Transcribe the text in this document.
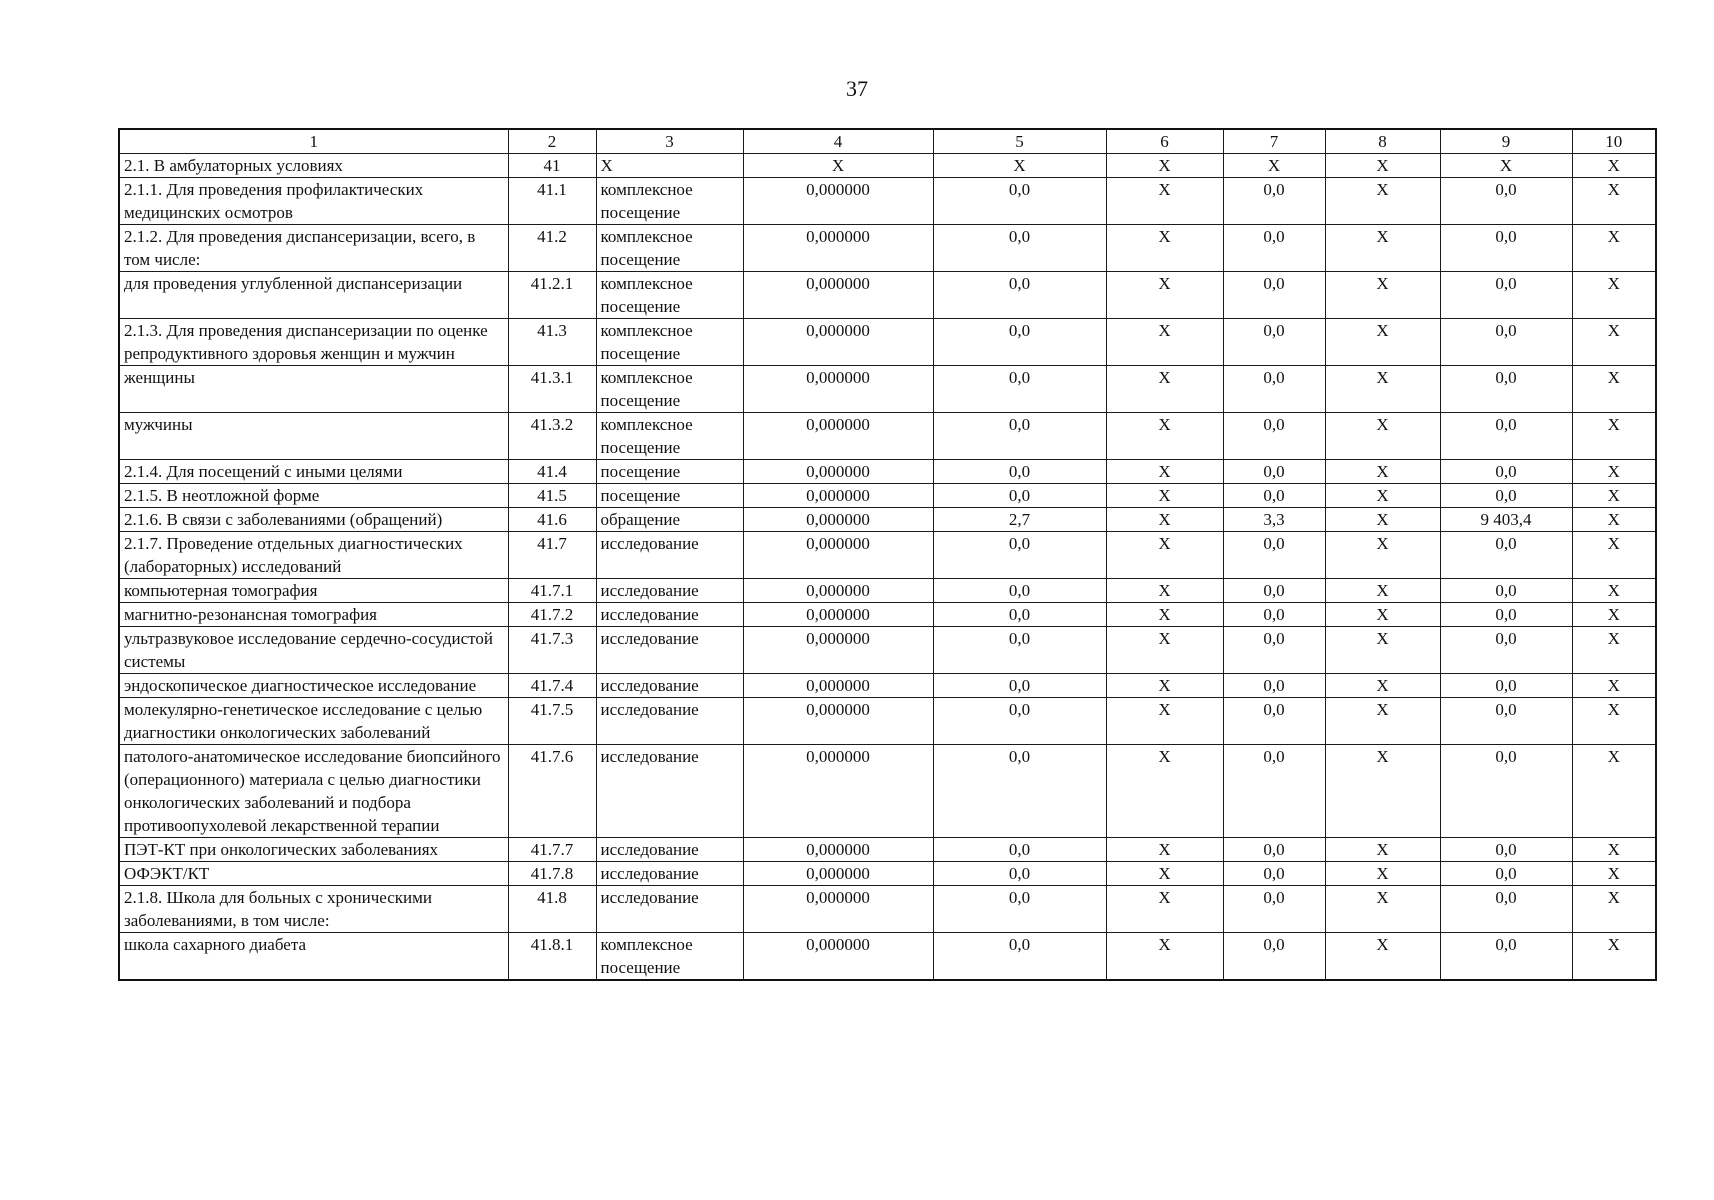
37
1	2	3	4	5	6	7	8	9	10
2.1. В амбулаторных условиях	41	X	X	X	X	X	X	X	X
2.1.1. Для проведения профилактических медицинских осмотров	41.1	комплексное посещение	0,000000	0,0	X	0,0	X	0,0	X
2.1.2. Для проведения диспансеризации, всего, в том числе:	41.2	комплексное посещение	0,000000	0,0	X	0,0	X	0,0	X
для проведения углубленной диспансеризации	41.2.1	комплексное посещение	0,000000	0,0	X	0,0	X	0,0	X
2.1.3. Для проведения диспансеризации по оценке репродуктивного здоровья женщин и мужчин	41.3	комплексное посещение	0,000000	0,0	X	0,0	X	0,0	X
женщины	41.3.1	комплексное посещение	0,000000	0,0	X	0,0	X	0,0	X
мужчины	41.3.2	комплексное посещение	0,000000	0,0	X	0,0	X	0,0	X
2.1.4. Для посещений с иными целями	41.4	посещение	0,000000	0,0	X	0,0	X	0,0	X
2.1.5. В неотложной форме	41.5	посещение	0,000000	0,0	X	0,0	X	0,0	X
2.1.6. В связи с заболеваниями (обращений)	41.6	обращение	0,000000	2,7	X	3,3	X	9 403,4	X
2.1.7. Проведение отдельных диагностических (лабораторных) исследований	41.7	исследование	0,000000	0,0	X	0,0	X	0,0	X
компьютерная томография	41.7.1	исследование	0,000000	0,0	X	0,0	X	0,0	X
магнитно-резонансная томография	41.7.2	исследование	0,000000	0,0	X	0,0	X	0,0	X
ультразвуковое исследование сердечно-сосудистой системы	41.7.3	исследование	0,000000	0,0	X	0,0	X	0,0	X
эндоскопическое диагностическое исследование	41.7.4	исследование	0,000000	0,0	X	0,0	X	0,0	X
молекулярно-генетическое исследование с целью диагностики онкологических заболеваний	41.7.5	исследование	0,000000	0,0	X	0,0	X	0,0	X
патолого-анатомическое исследование биопсийного (операционного) материала с целью диагностики онкологических заболеваний и подбора противоопухолевой лекарственной терапии	41.7.6	исследование	0,000000	0,0	X	0,0	X	0,0	X
ПЭТ-КТ при онкологических заболеваниях	41.7.7	исследование	0,000000	0,0	X	0,0	X	0,0	X
ОФЭКТ/КТ	41.7.8	исследование	0,000000	0,0	X	0,0	X	0,0	X
2.1.8. Школа для больных с хроническими заболеваниями, в том числе:	41.8	исследование	0,000000	0,0	X	0,0	X	0,0	X
школа сахарного диабета	41.8.1	комплексное посещение	0,000000	0,0	X	0,0	X	0,0	X
